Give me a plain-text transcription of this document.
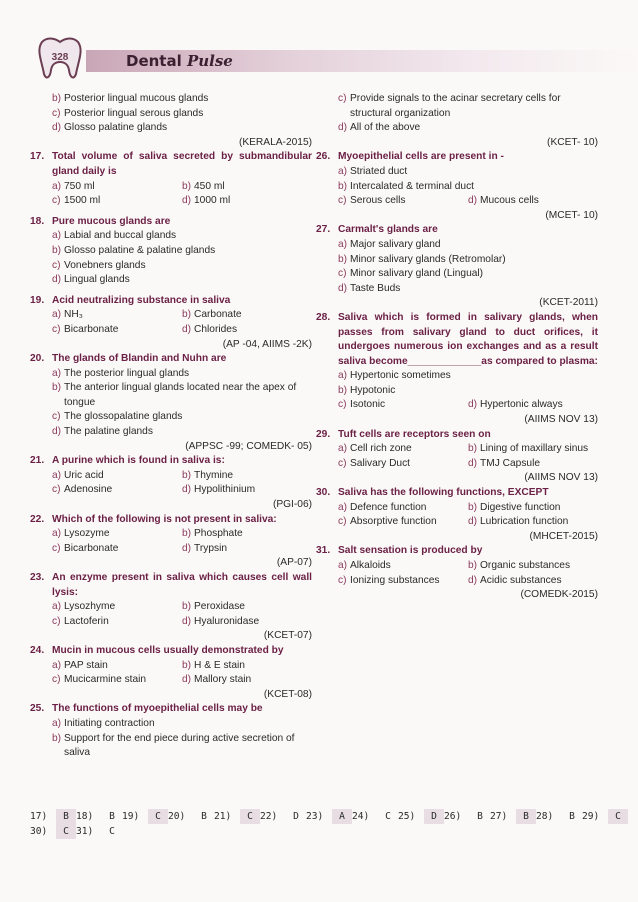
328	Dental Pulse
b) Posterior lingual mucous glands
c) Posterior lingual serous glands
d) Glosso palatine glands
(KERALA-2015)
17. Total volume of saliva secreted by submandibular gland daily is
a) 750 ml	b) 450 ml
c) 1500 ml	d) 1000 ml
18. Pure mucous glands are
a) Labial and buccal glands
b) Glosso palatine & palatine glands
c) Vonebners glands
d) Lingual glands
19. Acid neutralizing substance in saliva
a) NH₃	b) Carbonate
c) Bicarbonate	d) Chlorides
(AP -04, AIIMS -2K)
20. The glands of Blandin and Nuhn are
a) The posterior lingual glands
b) The anterior lingual glands located near the apex of tongue
c) The glossopalatine glands
d) The palatine glands
(APPSC -99; COMEDK- 05)
21. A purine which is found in saliva is:
a) Uric acid	b) Thymine
c) Adenosine	d) Hypolithinium
(PGI-06)
22. Which of the following is not present in saliva:
a) Lysozyme	b) Phosphate
c) Bicarbonate	d) Trypsin
(AP-07)
23. An enzyme present in saliva which causes cell wall lysis:
a) Lysozhyme	b) Peroxidase
c) Lactoferin	d) Hyaluronidase
(KCET-07)
24. Mucin in mucous cells usually demonstrated by
a) PAP stain	b) H & E stain
c) Mucicarmine stain	d) Mallory stain
(KCET-08)
25. The functions of myoepithelial cells may be
a) Initiating contraction
b) Support for the end piece during active secretion of saliva
c) Provide signals to the acinar secretary cells for structural organization
d) All of the above
(KCET- 10)
26. Myoepithelial cells are present in -
a) Striated duct
b) Intercalated & terminal duct
c) Serous cells	d) Mucous cells
(MCET- 10)
27. Carmalt's glands are
a) Major salivary gland
b) Minor salivary glands (Retromolar)
c) Minor salivary gland (Lingual)
d) Taste Buds
(KCET-2011)
28. Saliva which is formed in salivary glands, when passes from salivary gland to duct orifices, it undergoes numerous ion exchanges and as a result saliva become_____________as compared to plasma:
a) Hypertonic sometimes
b) Hypotonic
c) Isotonic	d) Hypertonic always
(AIIMS NOV 13)
29. Tuft cells are receptors seen on
a) Cell rich zone	b) Lining of maxillary sinus
c) Salivary Duct	d) TMJ Capsule
(AIIMS NOV 13)
30. Saliva has the following functions, EXCEPT
a) Defence function	b) Digestive function
c) Absorptive function	d) Lubrication function
(MHCET-2015)
31. Salt sensation is produced by
a) Alkaloids	b) Organic substances
c) Ionizing substances	d) Acidic substances
(COMEDK-2015)
17)	B 18)	B 19)	C 20)	B 21)	C 22)	D 23)	A 24)	C 25)	D 26)	B 27)	B 28)	B 29)	C
30)	C 31)	C
